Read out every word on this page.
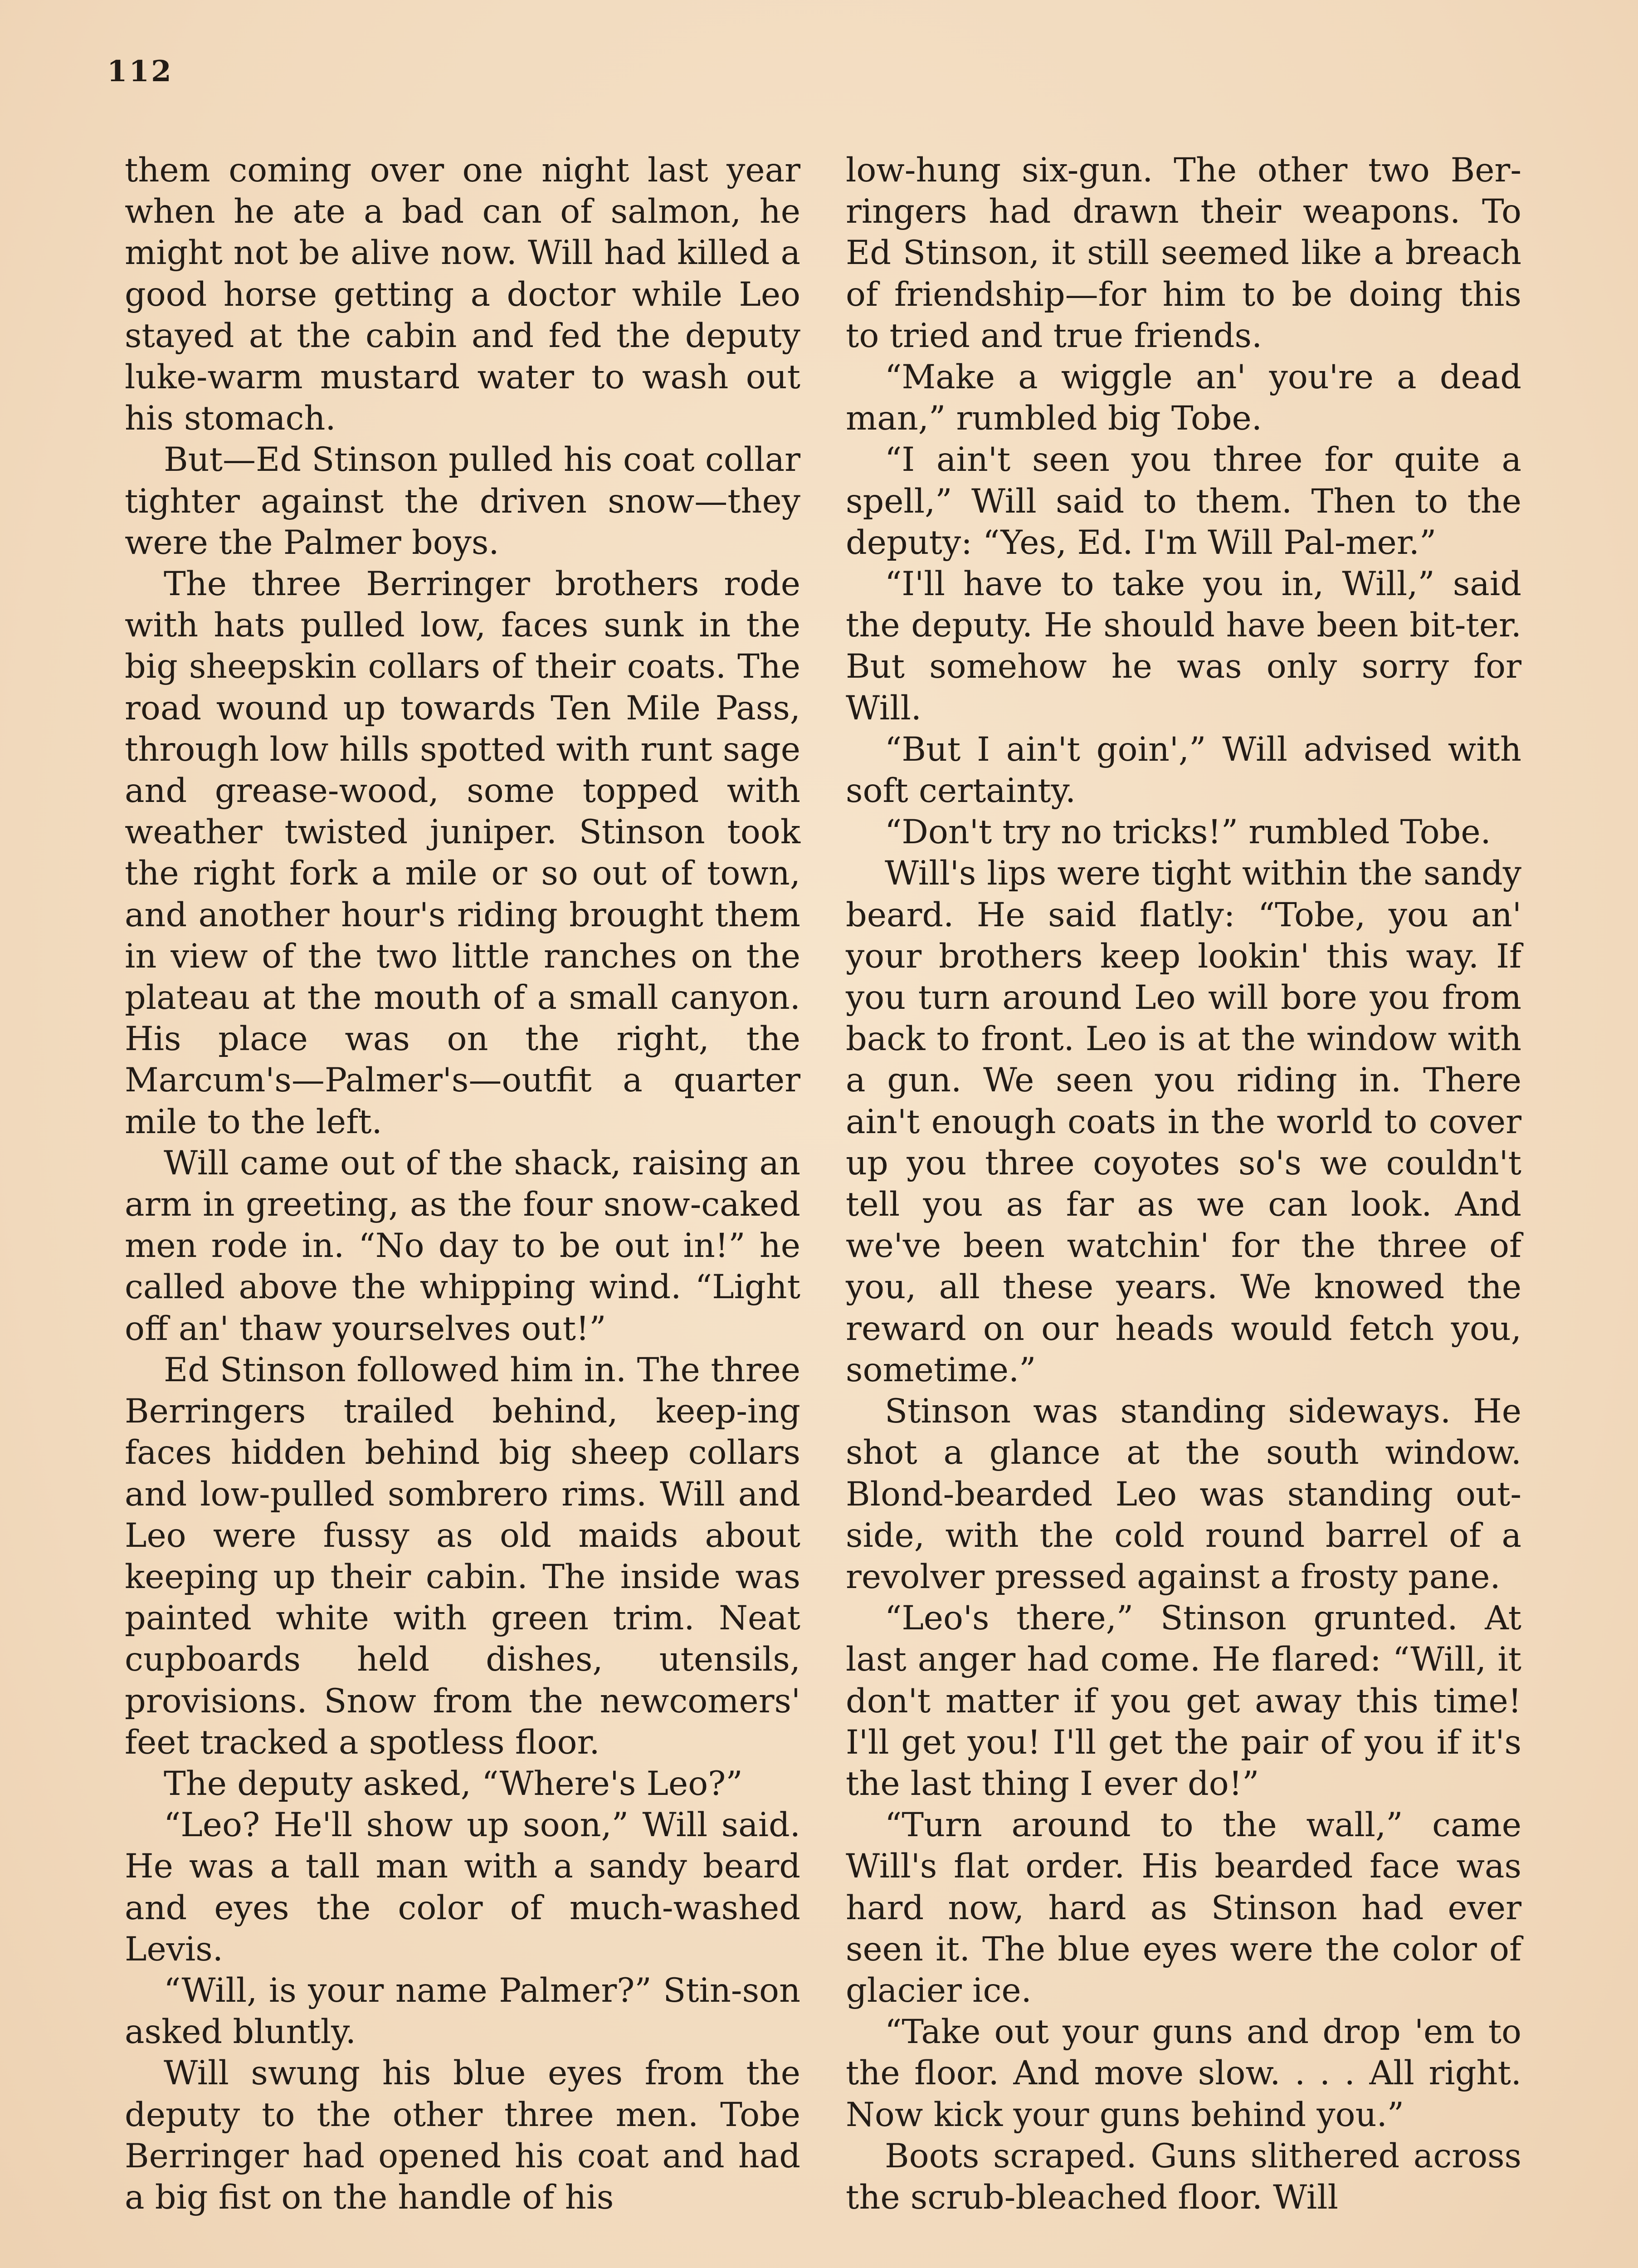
112

them coming over one night last year when he ate a bad can of salmon, he might not be alive now. Will had killed a good horse getting a doctor while Leo stayed at the cabin and fed the deputy luke-warm mustard water to wash out his stomach.

But—Ed Stinson pulled his coat collar tighter against the driven snow—they were the Palmer boys.

The three Berringer brothers rode with hats pulled low, faces sunk in the big sheepskin collars of their coats. The road wound up towards Ten Mile Pass, through low hills spotted with runt sage and grease-wood, some topped with weather twisted juniper. Stinson took the right fork a mile or so out of town, and another hour's riding brought them in view of the two little ranches on the plateau at the mouth of a small canyon. His place was on the right, the Marcum's—Palmer's—outfit a quarter mile to the left.

Will came out of the shack, raising an arm in greeting, as the four snow-caked men rode in. “No day to be out in!” he called above the whipping wind. “Light off an' thaw yourselves out!”

Ed Stinson followed him in. The three Berringers trailed behind, keep-ing faces hidden behind big sheep collars and low-pulled sombrero rims. Will and Leo were fussy as old maids about keeping up their cabin. The inside was painted white with green trim. Neat cupboards held dishes, utensils, provisions. Snow from the newcomers' feet tracked a spotless floor.

The deputy asked, “Where's Leo?”

“Leo? He'll show up soon,” Will said. He was a tall man with a sandy beard and eyes the color of much-washed Levis.

“Will, is your name Palmer?” Stin-son asked bluntly.

Will swung his blue eyes from the deputy to the other three men. Tobe Berringer had opened his coat and had a big fist on the handle of his

low-hung six-gun. The other two Ber-ringers had drawn their weapons. To Ed Stinson, it still seemed like a breach of friendship—for him to be doing this to tried and true friends.

“Make a wiggle an' you're a dead man,” rumbled big Tobe.

“I ain't seen you three for quite a spell,” Will said to them. Then to the deputy: “Yes, Ed. I'm Will Pal-mer.”

“I'll have to take you in, Will,” said the deputy. He should have been bit-ter. But somehow he was only sorry for Will.

“But I ain't goin',” Will advised with soft certainty.

“Don't try no tricks!” rumbled Tobe.

Will's lips were tight within the sandy beard. He said flatly: “Tobe, you an' your brothers keep lookin' this way. If you turn around Leo will bore you from back to front. Leo is at the window with a gun. We seen you riding in. There ain't enough coats in the world to cover up you three coyotes so's we couldn't tell you as far as we can look. And we've been watchin' for the three of you, all these years. We knowed the reward on our heads would fetch you, sometime.”

Stinson was standing sideways. He shot a glance at the south window. Blond-bearded Leo was standing out-side, with the cold round barrel of a revolver pressed against a frosty pane.

“Leo's there,” Stinson grunted. At last anger had come. He flared: “Will, it don't matter if you get away this time! I'll get you! I'll get the pair of you if it's the last thing I ever do!”

“Turn around to the wall,” came Will's flat order. His bearded face was hard now, hard as Stinson had ever seen it. The blue eyes were the color of glacier ice.

“Take out your guns and drop 'em to the floor. And move slow. . . . All right. Now kick your guns behind you.”

Boots scraped. Guns slithered across the scrub-bleached floor. Will
